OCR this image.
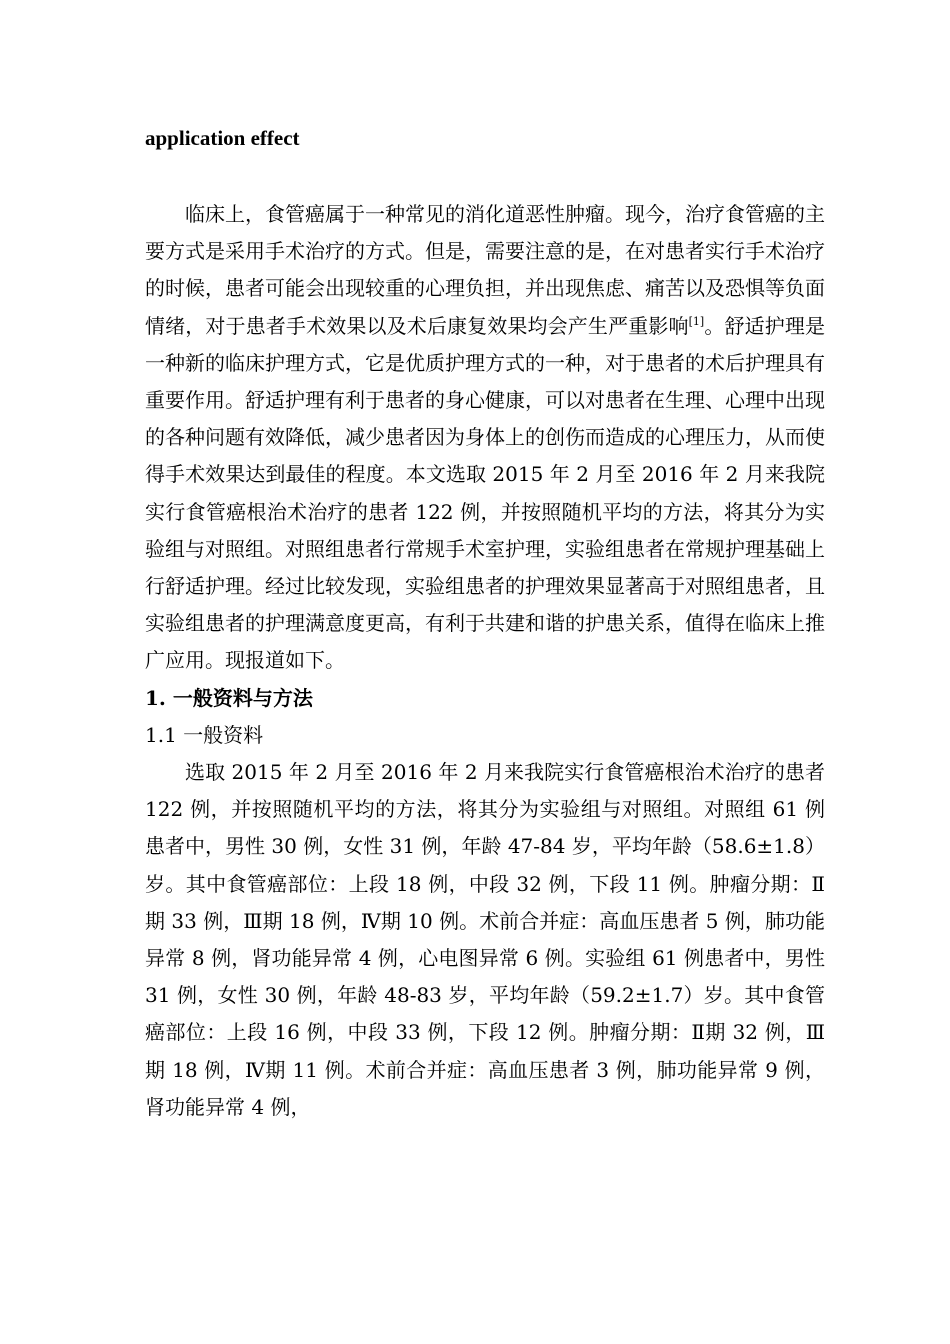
application effect

临床上，食管癌属于一种常见的消化道恶性肿瘤。现今，治疗食管癌的主要方式是采用手术治疗的方式。但是，需要注意的是，在对患者实行手术治疗的时候，患者可能会出现较重的心理负担，并出现焦虑、痛苦以及恐惧等负面情绪，对于患者手术效果以及术后康复效果均会产生严重影响[1]。舒适护理是一种新的临床护理方式，它是优质护理方式的一种，对于患者的术后护理具有重要作用。舒适护理有利于患者的身心健康，可以对患者在生理、心理中出现的各种问题有效降低，减少患者因为身体上的创伤而造成的心理压力，从而使得手术效果达到最佳的程度。本文选取 2015 年 2 月至 2016 年 2 月来我院实行食管癌根治术治疗的患者 122 例，并按照随机平均的方法，将其分为实验组与对照组。对照组患者行常规手术室护理，实验组患者在常规护理基础上行舒适护理。经过比较发现，实验组患者的护理效果显著高于对照组患者，且实验组患者的护理满意度更高，有利于共建和谐的护患关系，值得在临床上推广应用。现报道如下。

1. 一般资料与方法

1.1 一般资料

选取 2015 年 2 月至 2016 年 2 月来我院实行食管癌根治术治疗的患者 122 例，并按照随机平均的方法，将其分为实验组与对照组。对照组 61 例患者中，男性 30 例，女性 31 例，年龄 47-84 岁，平均年龄（58.6±1.8）岁。其中食管癌部位：上段 18 例，中段 32 例，下段 11 例。肿瘤分期：Ⅱ期 33 例，Ⅲ期 18 例，Ⅳ期 10 例。术前合并症：高血压患者 5 例，肺功能异常 8 例，肾功能异常 4 例，心电图异常 6 例。实验组 61 例患者中，男性 31 例，女性 30 例，年龄 48-83 岁，平均年龄（59.2±1.7）岁。其中食管癌部位：上段 16 例，中段 33 例，下段 12 例。肿瘤分期：Ⅱ期 32 例，Ⅲ期 18 例，Ⅳ期 11 例。术前合并症：高血压患者 3 例，肺功能异常 9 例，肾功能异常 4 例，
